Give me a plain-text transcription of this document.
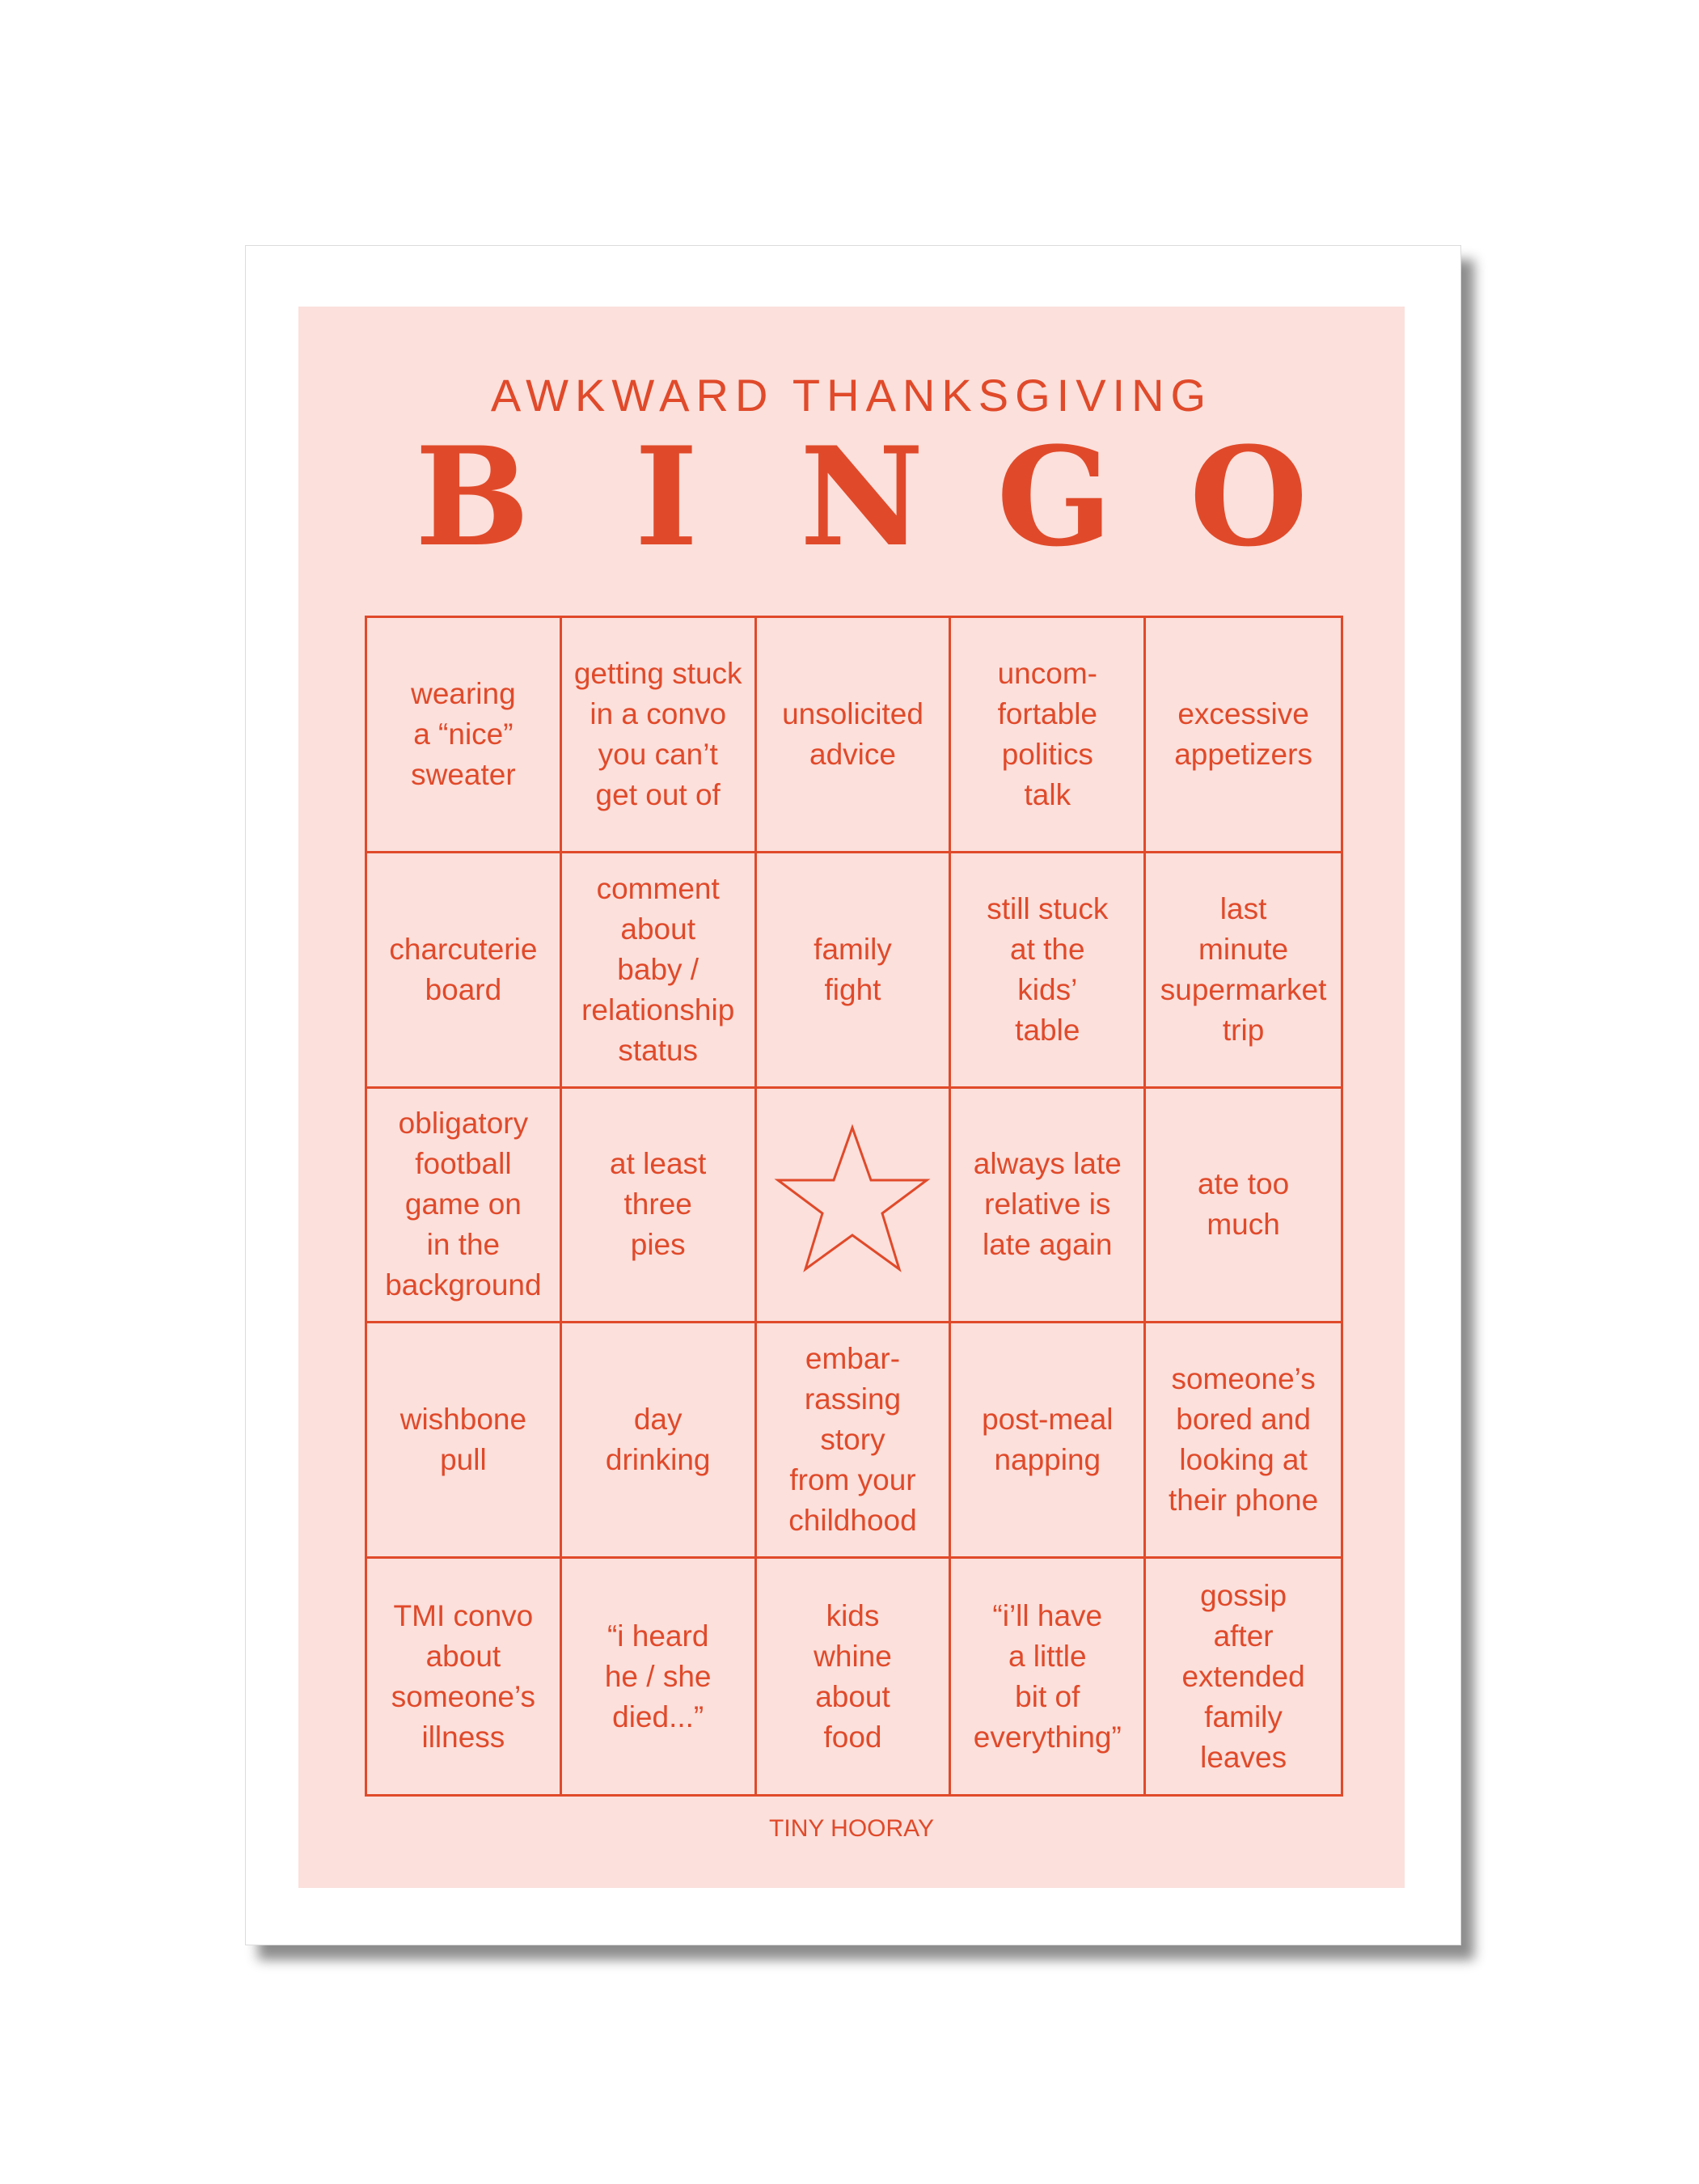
AWKWARD THANKSGIVING
B I N G O
wearing
a “nice”
sweater
getting stuck
in a convo
you can’t
get out of
unsolicited
advice
uncom-
fortable
politics
talk
excessive
appetizers
charcuterie
board
comment
about
baby /
relationship
status
family
fight
still stuck
at the
kids’
table
last
minute
supermarket
trip
obligatory
football
game on
in the
background
at least
three
pies
always late
relative is
late again
ate too
much
wishbone
pull
day
drinking
embar-
rassing
story
from your
childhood
post-meal
napping
someone’s
bored and
looking at
their phone
TMI convo
about
someone’s
illness
“i heard
he / she
died...”
kids
whine
about
food
“i’ll have
a little
bit of
everything”
gossip
after
extended
family
leaves
TINY HOORAY
